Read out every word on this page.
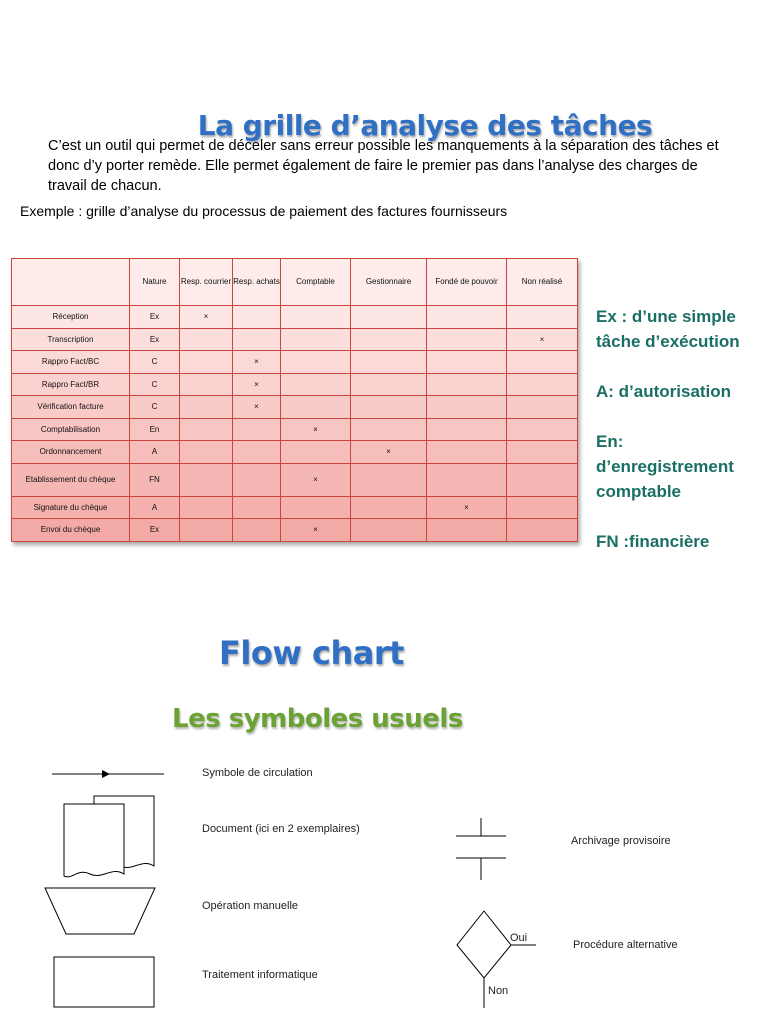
La grille d’analyse des tâches

C’est un outil qui permet de déceler sans erreur possible les manquements à la séparation des tâches et donc d’y porter remède. Elle permet également de faire le premier pas dans l’analyse des charges de travail de chacun.

Exemple : grille d’analyse du processus de paiement des factures fournisseurs

	Nature	Resp. courrier	Resp. achats	Comptable	Gestionnaire	Fondé de pouvoir	Non réalisé
Réception	Ex	×					
Transcription	Ex						×
Rappro Fact/BC	C		×				
Rappro Fact/BR	C		×				
Vérification facture	C		×				
Comptabilisation	En			×			
Ordonnancement	A				×		
Etablissement du chèque	FN			×			
Signature du chèque	A					×	
Envoi du chèque	Ex			×			

Ex : d’une simple tâche d’exécution

A: d’autorisation

En: d’enregistrement comptable

FN :financière

Flow chart
Les symboles usuels
Symbole de circulation
Document (ici en 2 exemplaires)
Opération manuelle
Traitement informatique
Archivage provisoire
Oui
Non
Procédure alternative
